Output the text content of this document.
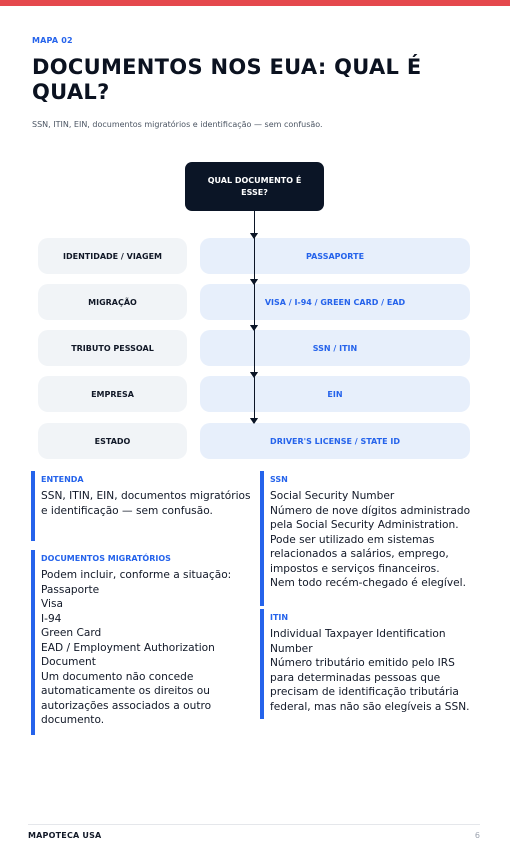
MAPA 02
DOCUMENTOS NOS EUA: QUAL É QUAL?
SSN, ITIN, EIN, documentos migratórios e identificação — sem confusão.
QUAL DOCUMENTO É ESSE?
IDENTIDADE / VIAGEM	PASSAPORTE
MIGRAÇÃO	VISA / I-94 / GREEN CARD / EAD
TRIBUTO PESSOAL	SSN / ITIN
EMPRESA	EIN
ESTADO	DRIVER'S LICENSE / STATE ID
ENTENDA
SSN, ITIN, EIN, documentos migratórios e identificação — sem confusão.
DOCUMENTOS MIGRATÓRIOS
Podem incluir, conforme a situação:
Passaporte
Visa
I-94
Green Card
EAD / Employment Authorization Document
Um documento não concede automaticamente os direitos ou autorizações associados a outro documento.
SSN
Social Security Number
Número de nove dígitos administrado pela Social Security Administration.
Pode ser utilizado em sistemas relacionados a salários, emprego, impostos e serviços financeiros.
Nem todo recém-chegado é elegível.
ITIN
Individual Taxpayer Identification Number
Número tributário emitido pelo IRS para determinadas pessoas que precisam de identificação tributária federal, mas não são elegíveis a SSN.
MAPOTECA USA	6
